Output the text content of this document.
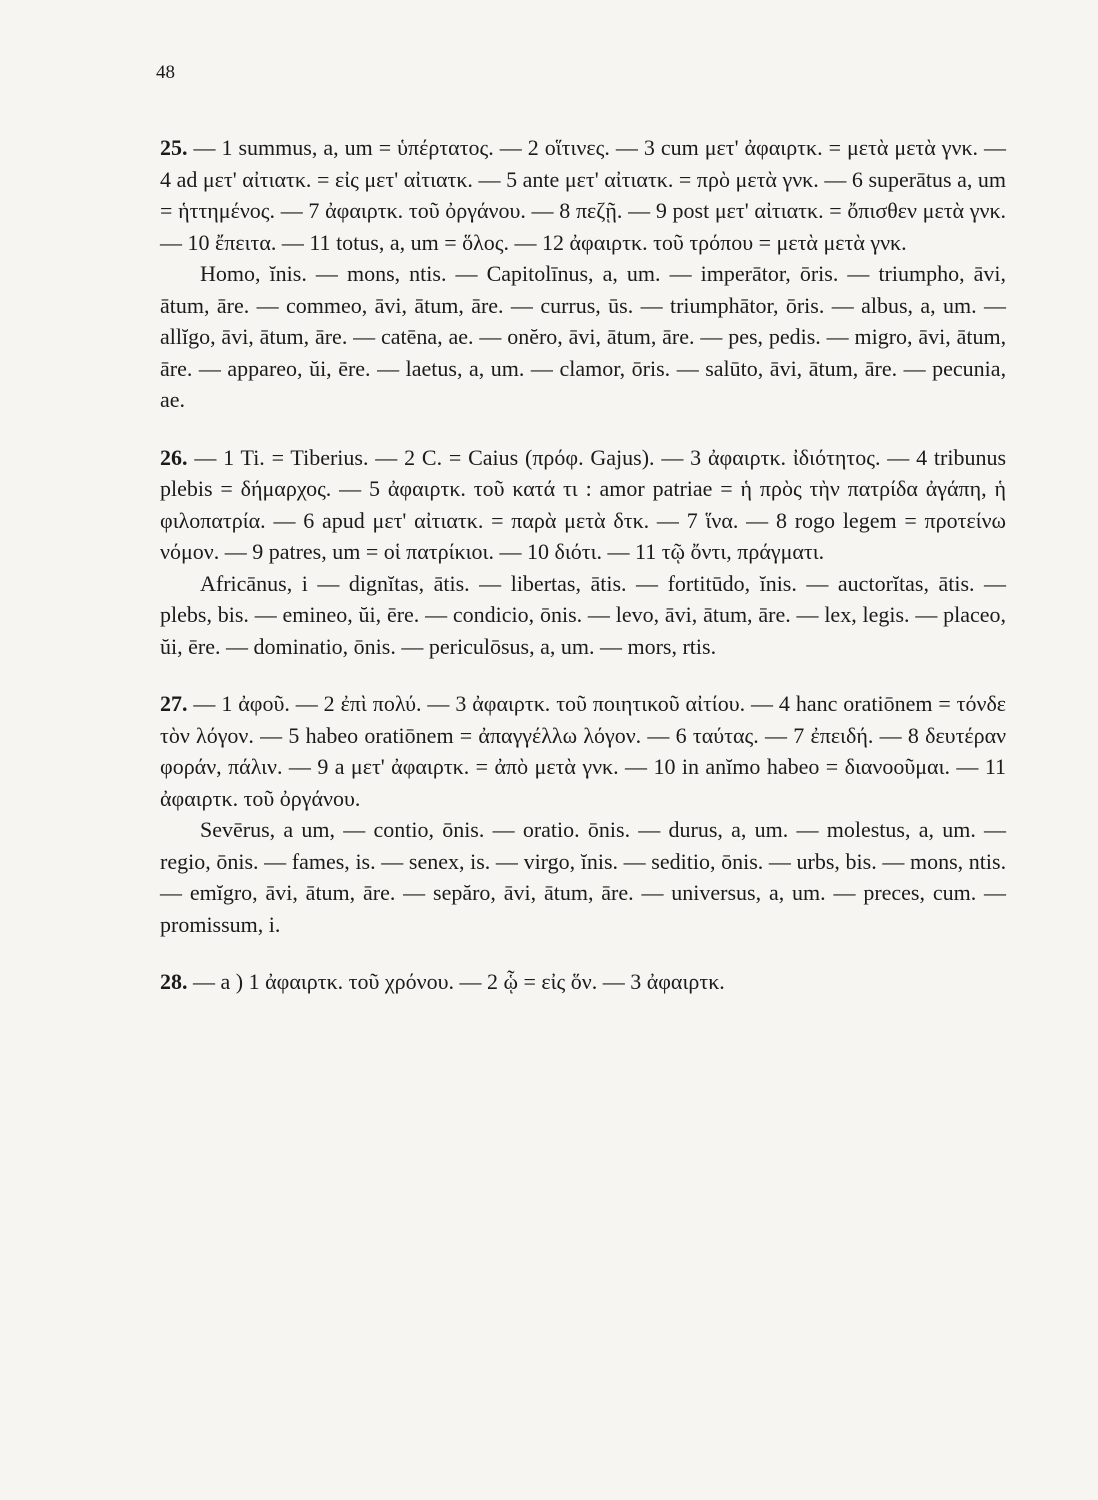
48

25. — 1 summus, a, um = ὑπέρτατος. — 2 οἵτινες. — 3 cum μετ' ἀφαιρτκ. = μετὰ μετὰ γνκ. — 4 ad μετ' αἰτιατκ. = εἰς μετ' αἰτιατκ. — 5 ante μετ' αἰτιατκ. = πρὸ μετὰ γνκ. — 6 superātus a, um = ἡττημένος. — 7 ἀφαιρτκ. τοῦ ὀργάνου. — 8 πεζῇ. — 9 post μετ' αἰτιατκ. = ὄπισθεν μετὰ γνκ. — 10 ἔπειτα. — 11 totus, a, um = ὅλος. — 12 ἀφαιρτκ. τοῦ τρόπου = μετὰ μετὰ γνκ.

Homo, ĭnis. — mons, ntis. — Capitolīnus, a, um. — imperātor, ōris. — triumpho, āvi, ātum, āre. — commeo, āvi, ātum, āre. — currus, ūs. — triumphātor, ōris. — albus, a, um. — allĭgo, āvi, ātum, āre. — catēna, ae. — onĕro, āvi, ātum, āre. — pes, pedis. — migro, āvi, ātum, āre. — appareo, ŭi, ēre. — laetus, a, um. — clamor, ōris. — salūto, āvi, ātum, āre. — pecunia, ae.

26. — 1 Ti. = Tiberius. — 2 C. = Caius (πρόφ. Gajus). — 3 ἀφαιρτκ. ἰδιότητος. — 4 tribunus plebis = δήμαρχος. — 5 ἀφαιρτκ. τοῦ κατά τι : amor patriae = ἡ πρὸς τὴν πατρίδα ἀγάπη, ἡ φιλοπατρία. — 6 apud μετ' αἰτιατκ. = παρὰ μετὰ δτκ. — 7 ἵνα. — 8 rogo legem = προτείνω νόμον. — 9 patres, um = οἱ πατρίκιοι. — 10 διότι. — 11 τῷ ὄντι, πράγματι.

Africānus, i — dignĭtas, ātis. — libertas, ātis. — fortitūdo, ĭnis. — auctorĭtas, ātis. — plebs, bis. — emineo, ŭi, ēre. — condicio, ōnis. — levo, āvi, ātum, āre. — lex, legis. — placeo, ŭi, ēre. — dominatio, ōnis. — periculōsus, a, um. — mors, rtis.

27. — 1 ἀφοῦ. — 2 ἐπὶ πολύ. — 3 ἀφαιρτκ. τοῦ ποιητικοῦ αἰτίου. — 4 hanc oratiōnem = τόνδε τὸν λόγον. — 5 habeo oratiōnem = ἀπαγγέλλω λόγον. — 6 ταύτας. — 7 ἐπειδή. — 8 δευτέραν φοράν, πάλιν. — 9 a μετ' ἀφαιρτκ. = ἀπὸ μετὰ γνκ. — 10 in anĭmo habeo = διανοοῦμαι. — 11 ἀφαιρτκ. τοῦ ὀργάνου.

Sevērus, a um, — contio, ōnis. — oratio. ōnis. — durus, a, um. — molestus, a, um. — regio, ōnis. — fames, is. — senex, is. — virgo, ĭnis. — seditio, ōnis. — urbs, bis. — mons, ntis. — emĭgro, āvi, ātum, āre. — sepăro, āvi, ātum, āre. — universus, a, um. — preces, cum. — promissum, i.

28. — a ) 1 ἀφαιρτκ. τοῦ χρόνου. — 2 ᾧ = εἰς ὅν. — 3 ἀφαιρτκ.
